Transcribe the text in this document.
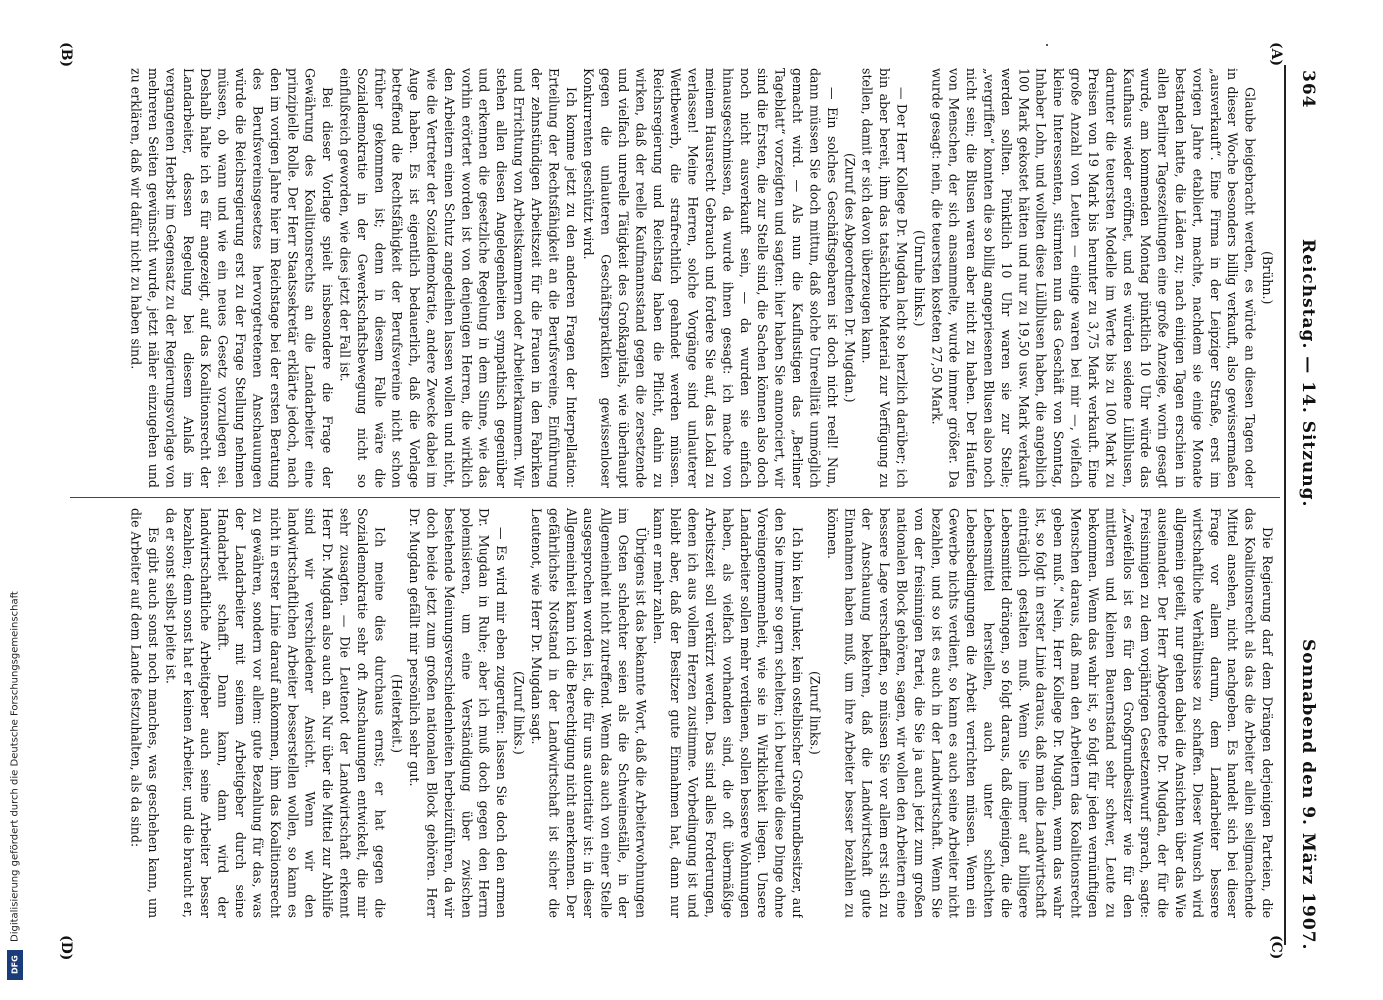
DFG
Digitalisierung gefördert durch die Deutsche Forschungsgemeinschaft
364
Reichstag. — 14. Sitzung.
Sonnabend den 9. März 1907.
(A)
(C)
(B)
(D)

(Brühn.)

Glaube beigebracht werden, es würde an diesen Tagen oder in dieser Woche besonders billig verkauft, also gewissermaßen „ausverkauft“. Eine Firma in der Leipziger Straße, erst im vorigen Jahre etabliert, machte, nachdem sie einige Monate bestanden hatte, die Läden zu; nach einigen Tagen erschien in allen Berliner Tageszeitungen eine große Anzeige, worin gesagt wurde, am kommenden Montag pünktlich 10 Uhr würde das Kaufhaus wieder eröffnet, und es würden seidene Lüllblusen, darunter die teuersten Modelle im Werte bis zu 100 Mark zu Preisen von 19 Mark bis herunter zu 3,75 Mark verkauft. Eine große Anzahl von Leuten — einige waren bei mir —, vielfach kleine Interessenten, stürmten nun das Geschäft von Sonntag, Inhaber Lohn, und wollten diese Lüllblusen haben, die angeblich 100 Mark gekostet hätten und nur zu 19,50 usw. Mark verkauft werden sollten. Pünktlich 10 Uhr waren sie zur Stelle; „vergriffen“ konnten die so billig angepriesenen Blusen also noch nicht sein; die Blusen waren aber nicht zu haben. Der Haufen von Menschen, der sich ansammelte, wurde immer größer. Da wurde gesagt: nein, die teuersten kosteten 27,50 Mark.

(Unruhe links.)

— Der Herr Kollege Dr. Mugdan lacht so herzlich darüber; ich bin aber bereit, ihm das tatsächliche Material zur Verfügung zu stellen, damit er sich davon überzeugen kann.

(Zuruf des Abgeordneten Dr. Mugdan.)

— Ein solches Geschäftsgebaren ist doch nicht reell! Nun, dann müssen Sie doch mittun, daß solche Unreellität unmöglich gemacht wird. — Als nun die Kauflustigen das „Berliner Tageblatt“ vorzeigten und sagten: hier haben Sie annonciert, wir sind die Ersten, die zur Stelle sind, die Sachen können also doch noch nicht ausverkauft sein, — da wurden sie einfach hinausgeschmissen, da wurde ihnen gesagt: ich mache von meinem Hausrecht Gebrauch und fordere Sie auf, das Lokal zu verlassen! Meine Herren, solche Vorgänge sind unlauterer Wettbewerb, die strafrechtlich geahndet werden müssen. Reichsregierung und Reichstag haben die Pflicht, dahin zu wirken, daß der reelle Kaufmannsstand gegen die zersetzende und vielfach unreelle Tätigkeit des Großkapitals, wie überhaupt gegen die unlauteren Geschäftspraktiken gewissenloser Konkurrenten geschützt wird.

Ich komme jetzt zu den anderen Fragen der Interpellation: Erteilung der Rechtsfähigkeit an die Berufsvereine, Einführung der zehnstündigen Arbeitszeit für die Frauen in den Fabriken und Errichtung von Arbeitskammern oder Arbeiterkammern. Wir stehen allen diesen Angelegenheiten sympathisch gegenüber und erkennen die gesetzliche Regelung in dem Sinne, wie das vorhin erörtert worden ist von denjenigen Herren, die wirklich den Arbeitern einen Schutz angedeihen lassen wollen und nicht, wie die Vertreter der Sozialdemokratie, andere Zwecke dabei im Auge haben. Es ist eigentlich bedauerlich, daß die Vorlage betreffend die Rechtsfähigkeit der Berufsvereine nicht schon früher gekommen ist; denn in diesem Falle wäre die Sozialdemokratie in der Gewerkschaftsbewegung nicht so einflußreich geworden, wie dies jetzt der Fall ist.

Bei dieser Vorlage spielt insbesondere die Frage der Gewährung des Koalitionsrechts an die Landarbeiter eine prinzipielle Rolle. Der Herr Staatssekretär erklärte jedoch, nach den im vorigen Jahre hier im Reichstage bei der ersten Beratung des Berufsvereinsgesetzes hervorgetretenen Anschauungen würde die Reichsregierung erst zu der Frage Stellung nehmen müssen, ob wann und wie ein neues Gesetz vorzulegen sei. Deshalb halte ich es für angezeigt, auf das Koalitionsrecht der Landarbeiter, dessen Regelung bei diesem Anlaß im vergangenen Herbst im Gegensatz zu der Regierungsvorlage von mehreren Seiten gewünscht wurde, jetzt näher einzugehen und zu erklären, daß wir dafür nicht zu haben sind.

Die Regierung darf dem Drängen derjenigen Parteien, die das Koalitionsrecht als das die Arbeiter allein seligmachende Mittel ansehen, nicht nachgeben. Es handelt sich bei dieser Frage vor allem darum, dem Landarbeiter bessere wirtschaftliche Verhältnisse zu schaffen. Dieser Wunsch wird allgemein geteilt, nur gehen dabei die Ansichten über das Wie auseinander. Der Herr Abgeordnete Dr. Mugdan, der für die Freisinnigen zu dem vorjährigen Gesetzentwurf sprach, sagte: „Zweifellos ist es für den Großgrundbesitzer wie für den mittleren und kleinen Bauernstand sehr schwer, Leute zu bekommen. Wenn das wahr ist, so folgt für jeden vernünftigen Menschen daraus, daß man den Arbeitern das Koalitionsrecht geben muß.“ Nein, Herr Kollege Dr. Mugdan, wenn das wahr ist, so folgt in erster Linie daraus, daß man die Landwirtschaft einträglich gestalten muß. Wenn Sie immer auf billigere Lebensmittel drängen, so folgt daraus, daß diejenigen, die die Lebensmittel herstellen, auch unter schlechten Lebensbedingungen die Arbeit verrichten müssen. Wenn ein Gewerbe nichts verdient, so kann es auch seine Arbeiter nicht bezahlen, und so ist es auch in der Landwirtschaft. Wenn Sie von der freisinnigen Partei, die Sie ja auch jetzt zum großen nationalen Block gehören, sagen, wir wollen den Arbeitern eine bessere Lage verschaffen, so müssen Sie vor allem erst sich zu der Anschauung bekehren, daß die Landwirtschaft gute Einnahmen haben muß, um ihre Arbeiter besser bezahlen zu können.

(Zuruf links.)

Ich bin kein Junker, kein ostelbischer Großgrundbesitzer, auf den Sie immer so gern schelten; ich beurteile diese Dinge ohne Voreingenommenheit, wie sie in Wirklichkeit liegen. Unsere Landarbeiter sollen mehr verdienen, sollen bessere Wohnungen haben, als vielfach vorhanden sind, die oft übermäßige Arbeitszeit soll verkürzt werden. Das sind alles Forderungen, denen ich aus vollem Herzen zustimme. Vorbedingung ist und bleibt aber, daß der Besitzer gute Einnahmen hat, dann nur kann er mehr zahlen.

Übrigens ist das bekannte Wort, daß die Arbeiterwohnungen im Osten schlechter seien als die Schweineställe, in der Allgemeinheit nicht zutreffend. Wenn das auch von einer Stelle ausgesprochen worden ist, die für uns autoritativ ist: in dieser Allgemeinheit kann ich die Berechtigung nicht anerkennen. Der gefährlichste Notstand in der Landwirtschaft ist sicher die Leutenot, wie Herr Dr. Mugdan sagt.

(Zuruf links.)

— Es wird mir eben zugerufen: lassen Sie doch den armen Dr. Mugdan in Ruhe; aber ich muß doch gegen den Herrn polemisieren, um eine Verständigung über zwischen bestehende Meinungsverschiedenheiten herbeizuführen, da wir doch beide jetzt zum großen nationalen Block gehören. Herr Dr. Mugdan gefällt mir persönlich sehr gut.

(Heiterkeit.)

Ich meine dies durchaus ernst; er hat gegen die Sozialdemokratie sehr oft Anschauungen entwickelt, die mir sehr zusagten. — Die Leutenot der Landwirtschaft erkennt Herr Dr. Mugdan also auch an. Nur über die Mittel zur Abhilfe sind wir verschiedener Ansicht. Wenn wir den landwirtschaftlichen Arbeiter besserstellen wollen, so kann es nicht in erster Linie darauf ankommen, ihm das Koalitionsrecht zu gewähren, sondern vor allem: gute Bezahlung für das, was der Landarbeiter mit seinem Arbeitgeber durch seine Handarbeit schafft. Dann kann, dann wird der landwirtschaftliche Arbeitgeber auch seine Arbeiter besser bezahlen; denn sonst hat er keinen Arbeiter, und die braucht er, da er sonst selbst pleite ist.

Es gibt auch sonst noch manches, was geschehen kann, um die Arbeiter auf dem Lande festzuhalten, als da sind:
